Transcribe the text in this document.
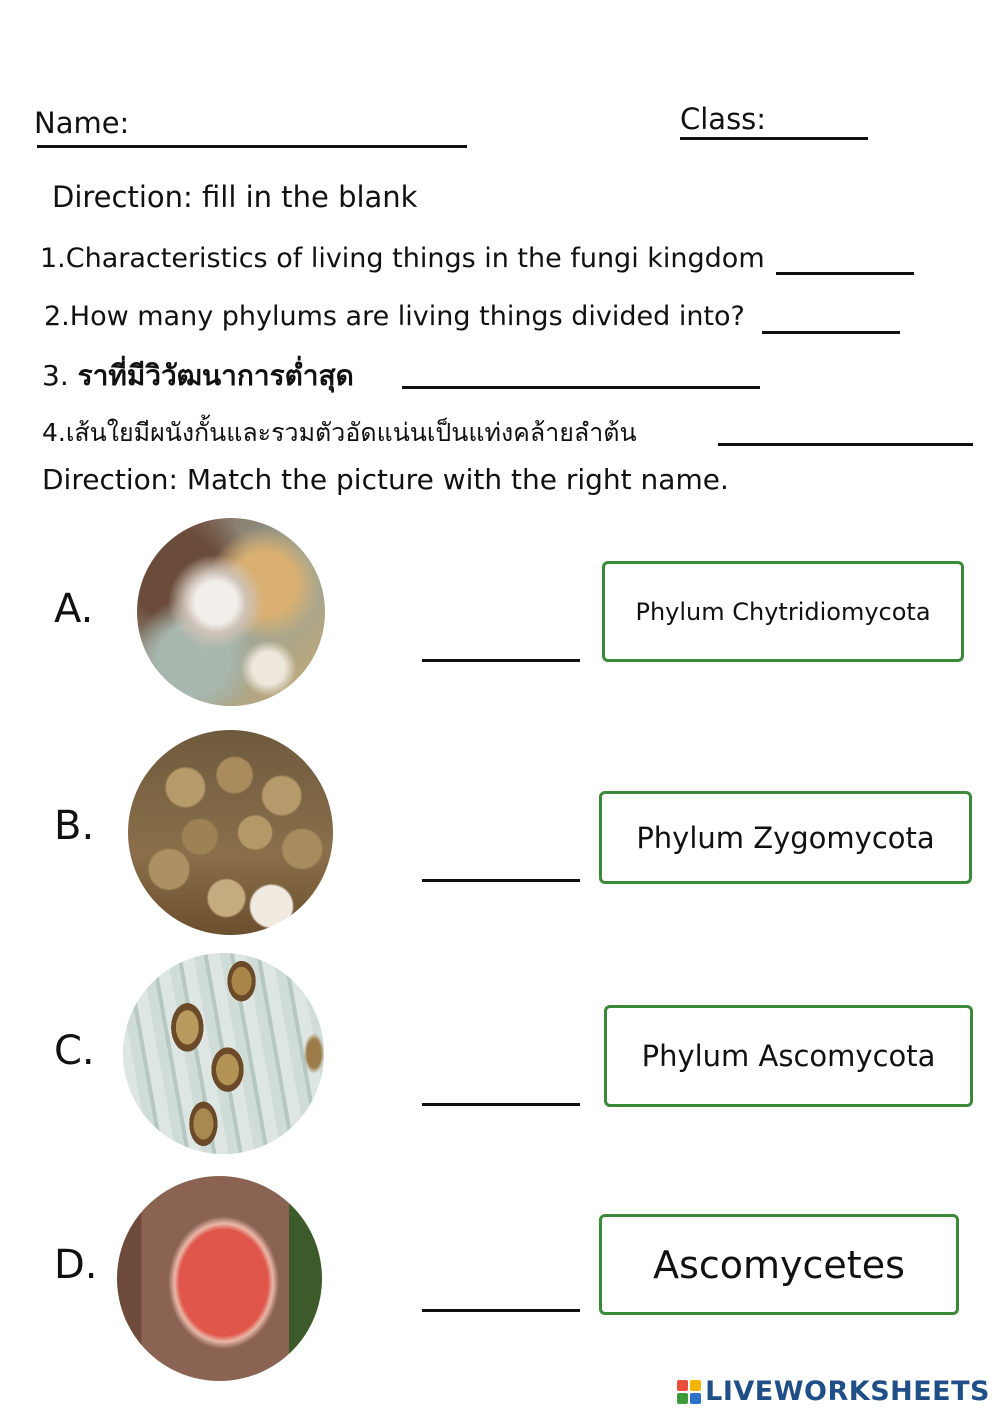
Name:	Class:
Direction: fill in the blank
1.Characteristics of living things in the fungi kingdom
2.How many phylums are living things divided into?
3. ราที่มีวิวัฒนาการต่ำสุด
4.เส้นใยมีผนังกั้นและรวมตัวอัดแน่นเป็นแท่งคล้ายลำต้น
Direction: Match the picture with the right name.
A.
B.
C.
D.
Phylum Chytridiomycota
Phylum Zygomycota
Phylum Ascomycota
Ascomycetes
LIVEWORKSHEETS
